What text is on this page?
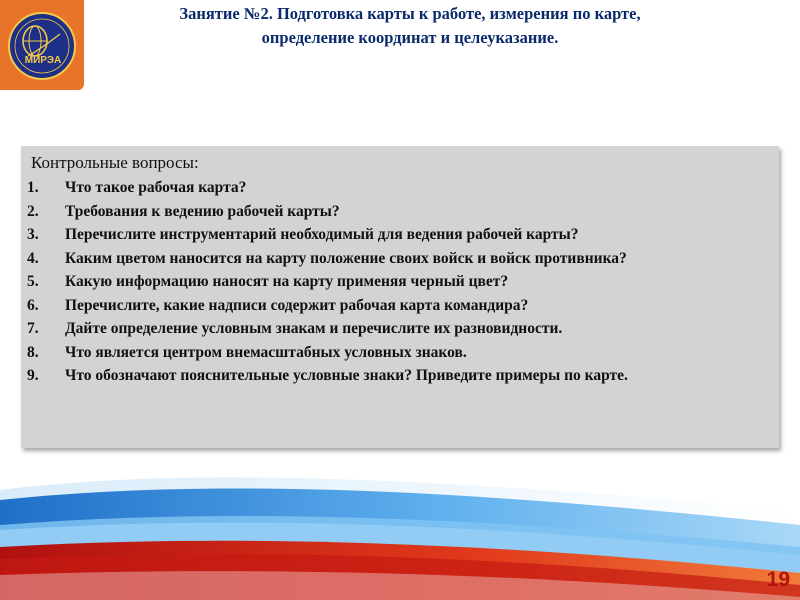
МИРЭА
Занятие №2. Подготовка карты к работе, измерения по карте,
определение координат и целеуказание.
Контрольные вопросы:
1.	Что такое рабочая карта?
2.	Требования к ведению рабочей карты?
3.	Перечислите инструментарий необходимый для ведения рабочей карты?
4.	Каким цветом наносится на карту положение своих войск и войск противника?
5.	Какую информацию наносят на карту применяя черный цвет?
6.	Перечислите, какие надписи содержит рабочая карта командира?
7.	Дайте определение условным знакам и перечислите их разновидности.
8.	Что является центром внемасштабных условных знаков.
9.	Что обозначают пояснительные условные знаки? Приведите примеры по карте.
19
